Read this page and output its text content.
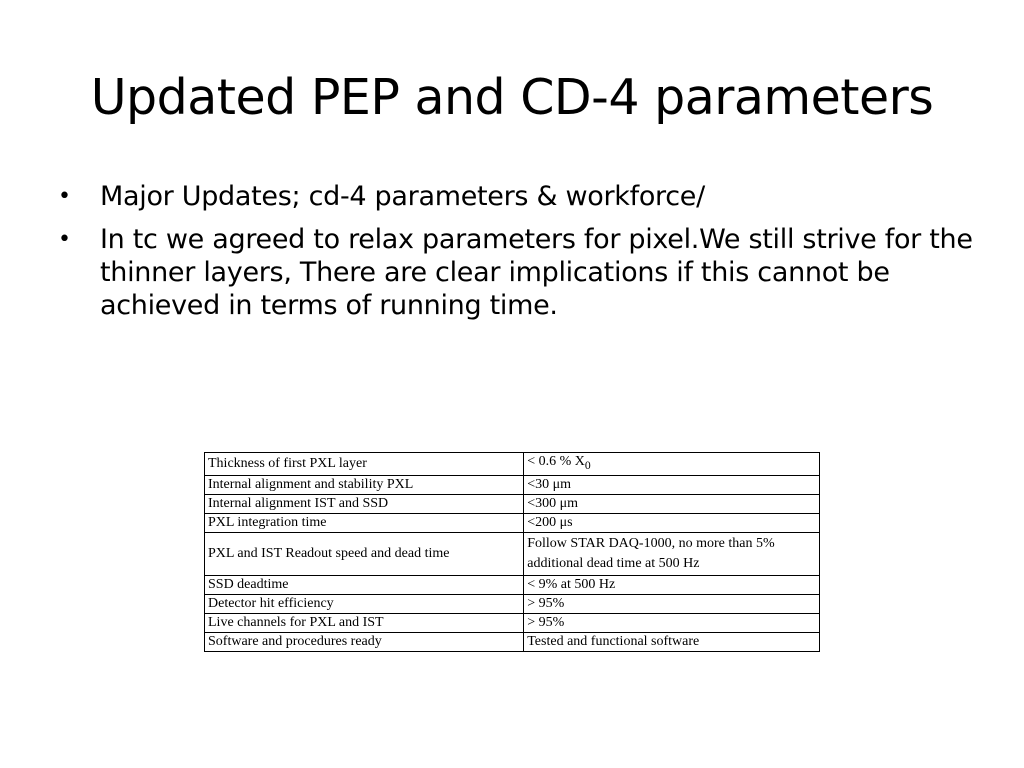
Updated PEP and CD-4 parameters
• Major Updates; cd-4 parameters & workforce/
• In tc we agreed to relax parameters for pixel.We still strive for the thinner layers, There are clear implications if this cannot be achieved in terms of running time.
Thickness of first PXL layer	< 0.6 % $X_0$
Internal alignment and stability PXL	<30 μm
Internal alignment IST and SSD	<300 μm
PXL integration time	<200 μs
PXL and IST Readout speed and dead time	Follow STAR DAQ-1000, no more than 5% additional dead time at 500 Hz
SSD deadtime	< 9% at 500 Hz
Detector hit efficiency	> 95%
Live channels for PXL and IST	> 95%
Software and procedures ready	Tested and functional software
